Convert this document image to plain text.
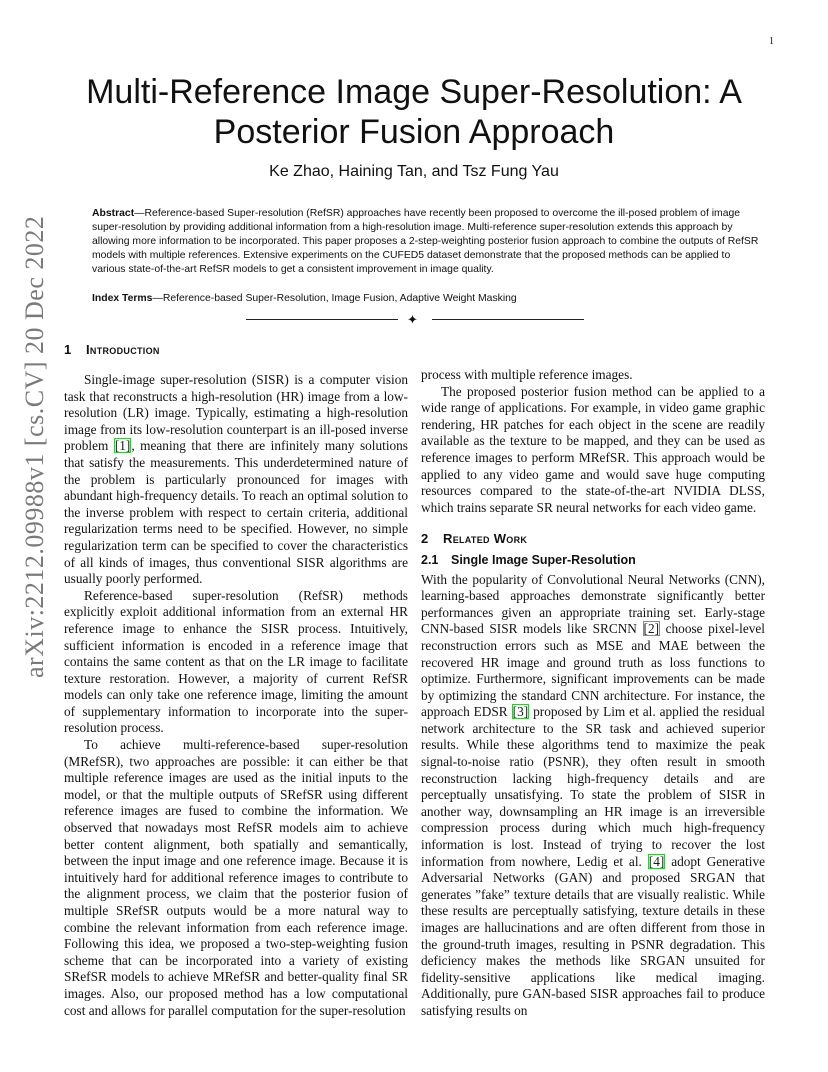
1
arXiv:2212.09988v1 [cs.CV] 20 Dec 2022
Multi-Reference Image Super-Resolution: A Posterior Fusion Approach
Ke Zhao, Haining Tan, and Tsz Fung Yau

Abstract—Reference-based Super-resolution (RefSR) approaches have recently been proposed to overcome the ill-posed problem of image super-resolution by providing additional information from a high-resolution image. Multi-reference super-resolution extends this approach by allowing more information to be incorporated. This paper proposes a 2-step-weighting posterior fusion approach to combine the outputs of RefSR models with multiple references. Extensive experiments on the CUFED5 dataset demonstrate that the proposed methods can be applied to various state-of-the-art RefSR models to get a consistent improvement in image quality.

Index Terms—Reference-based Super-Resolution, Image Fusion, Adaptive Weight Masking

✦
1 Introduction

Single-image super-resolution (SISR) is a computer vision task that reconstructs a high-resolution (HR) image from a low-resolution (LR) image. Typically, estimating a high-resolution image from its low-resolution counterpart is an ill-posed inverse problem [1], meaning that there are infinitely many solutions that satisfy the measurements. This underdetermined nature of the problem is particularly pronounced for images with abundant high-frequency details. To reach an optimal solution to the inverse problem with respect to certain criteria, additional regularization terms need to be specified. However, no simple regularization term can be specified to cover the characteristics of all kinds of images, thus conventional SISR algorithms are usually poorly performed.

Reference-based super-resolution (RefSR) methods explicitly exploit additional information from an external HR reference image to enhance the SISR process. Intuitively, sufficient information is encoded in a reference image that contains the same content as that on the LR image to facilitate texture restoration. However, a majority of current RefSR models can only take one reference image, limiting the amount of supplementary information to incorporate into the super-resolution process.

To achieve multi-reference-based super-resolution (MRefSR), two approaches are possible: it can either be that multiple reference images are used as the initial inputs to the model, or that the multiple outputs of SRefSR using different reference images are fused to combine the information. We observed that nowadays most RefSR models aim to achieve better content alignment, both spatially and semantically, between the input image and one reference image. Because it is intuitively hard for additional reference images to contribute to the alignment process, we claim that the posterior fusion of multiple SRefSR outputs would be a more natural way to combine the relevant information from each reference image. Following this idea, we proposed a two-step-weighting fusion scheme that can be incorporated into a variety of existing SRefSR models to achieve MRefSR and better-quality final SR images. Also, our proposed method has a low computational cost and allows for parallel computation for the super-resolution

process with multiple reference images.

The proposed posterior fusion method can be applied to a wide range of applications. For example, in video game graphic rendering, HR patches for each object in the scene are readily available as the texture to be mapped, and they can be used as reference images to perform MRefSR. This approach would be applied to any video game and would save huge computing resources compared to the state-of-the-art NVIDIA DLSS, which trains separate SR neural networks for each video game.

2 Related Work
2.1 Single Image Super-Resolution

With the popularity of Convolutional Neural Networks (CNN), learning-based approaches demonstrate significantly better performances given an appropriate training set. Early-stage CNN-based SISR models like SRCNN [2] choose pixel-level reconstruction errors such as MSE and MAE between the recovered HR image and ground truth as loss functions to optimize. Furthermore, significant improvements can be made by optimizing the standard CNN architecture. For instance, the approach EDSR [3] proposed by Lim et al. applied the residual network architecture to the SR task and achieved superior results. While these algorithms tend to maximize the peak signal-to-noise ratio (PSNR), they often result in smooth reconstruction lacking high-frequency details and are perceptually unsatisfying. To state the problem of SISR in another way, downsampling an HR image is an irreversible compression process during which much high-frequency information is lost. Instead of trying to recover the lost information from nowhere, Ledig et al. [4] adopt Generative Adversarial Networks (GAN) and proposed SRGAN that generates ”fake” texture details that are visually realistic. While these results are perceptually satisfying, texture details in these images are hallucinations and are often different from those in the ground-truth images, resulting in PSNR degradation. This deficiency makes the methods like SRGAN unsuited for fidelity-sensitive applications like medical imaging. Additionally, pure GAN-based SISR approaches fail to produce satisfying results on
